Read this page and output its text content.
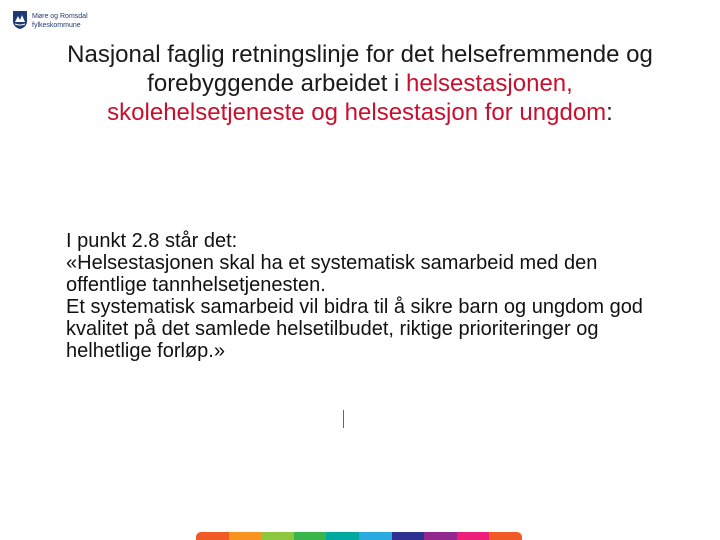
Møre og Romsdal
fylkeskommune
Nasjonal faglig retningslinje for det helsefremmende og forebyggende arbeidet i helsestasjonen, skolehelsetjeneste og helsestasjon for ungdom:

I punkt 2.8 står det:

«Helsestasjonen skal ha et systematisk samarbeid med den offentlige tannhelsetjenesten.

Et systematisk samarbeid vil bidra til å sikre barn og ungdom god kvalitet på det samlede helsetilbudet, riktige prioriteringer og helhetlige forløp.»
